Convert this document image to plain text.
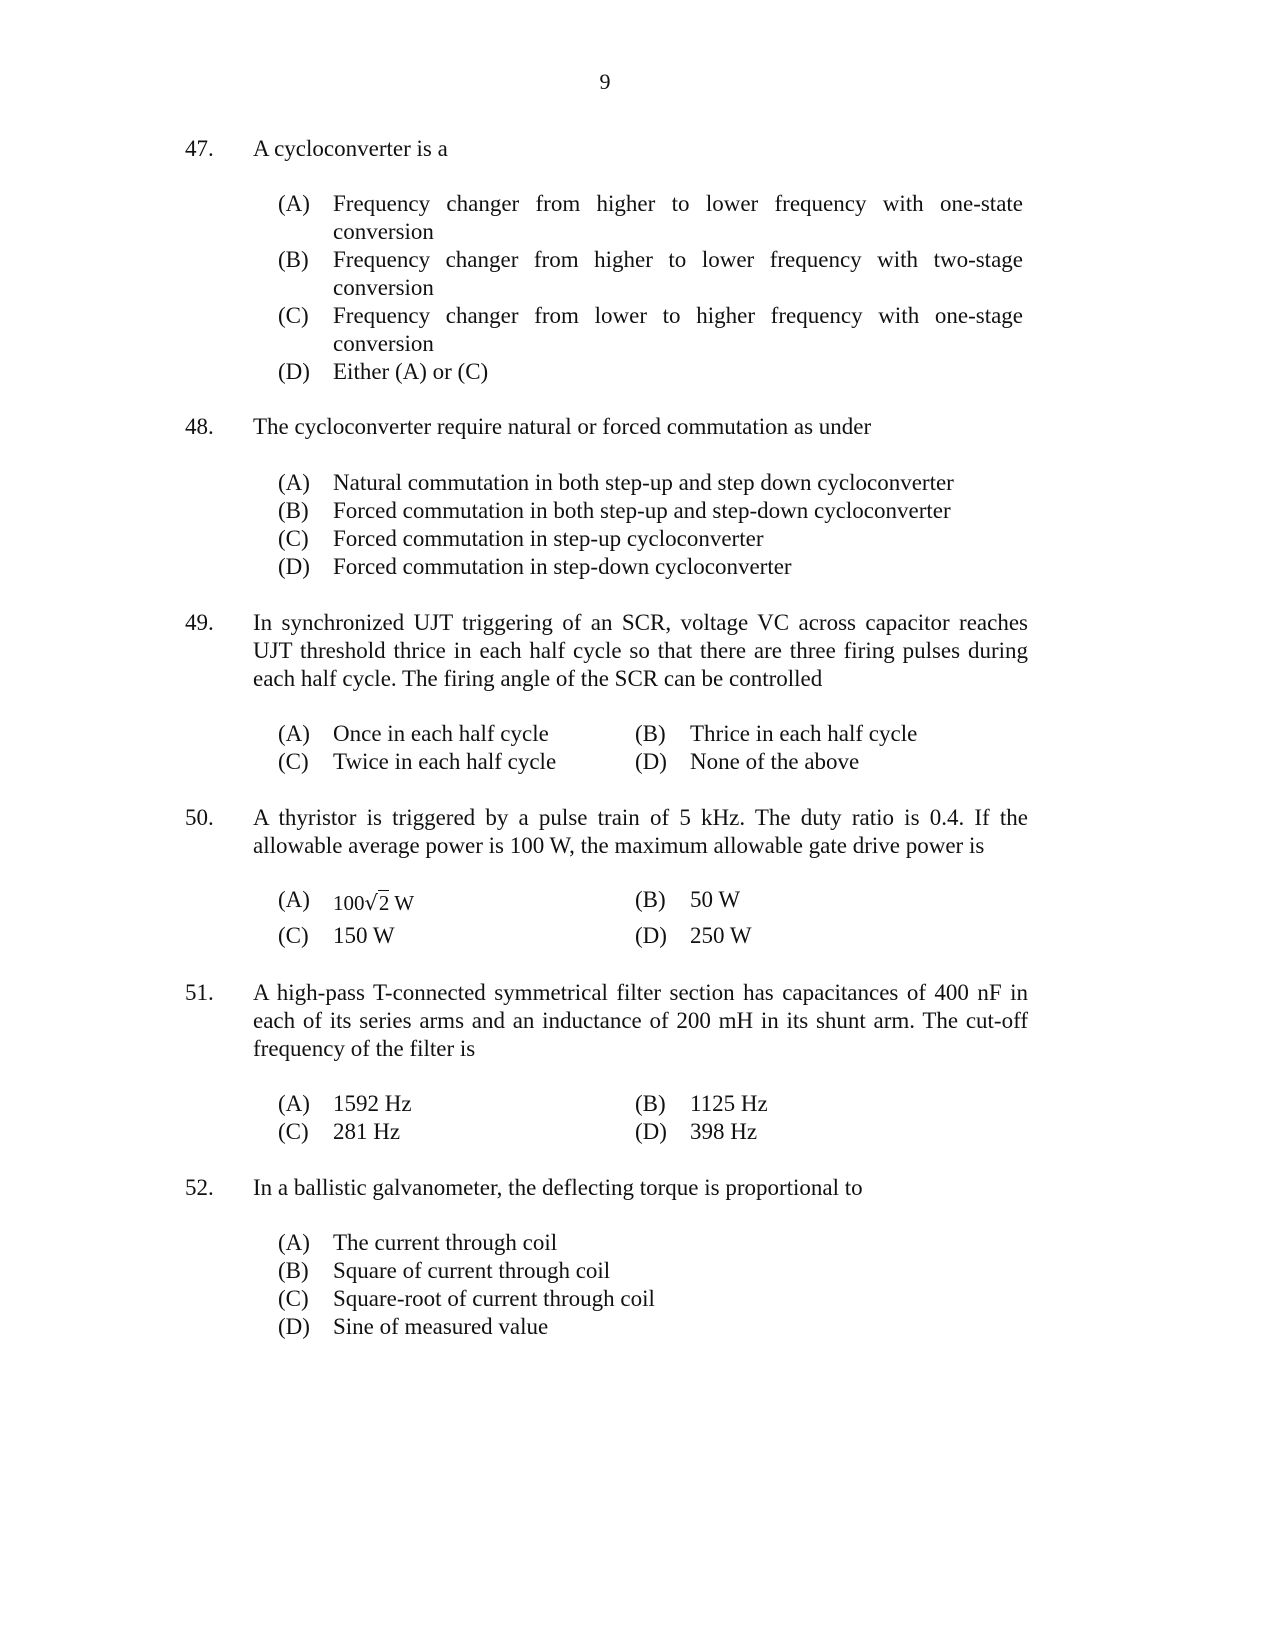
9
47.	A cycloconverter is a
(A)	Frequency changer from higher to lower frequency with one-state conversion
(B)	Frequency changer from higher to lower frequency with two-stage conversion
(C)	Frequency changer from lower to higher frequency with one-stage conversion
(D)	Either (A) or (C)
48.	The cycloconverter require natural or forced commutation as under
(A)	Natural commutation in both step-up and step down cycloconverter
(B)	Forced commutation in both step-up and step-down cycloconverter
(C)	Forced commutation in step-up cycloconverter
(D)	Forced commutation in step-down cycloconverter
49.	In synchronized UJT triggering of an SCR, voltage VC across capacitor reaches UJT threshold thrice in each half cycle so that there are three firing pulses during each half cycle. The firing angle of the SCR can be controlled
(A)	Once in each half cycle	(B)	Thrice in each half cycle
(C)	Twice in each half cycle	(D)	None of the above
50.	A thyristor is triggered by a pulse train of 5 kHz. The duty ratio is 0.4. If the allowable average power is 100 W, the maximum allowable gate drive power is
(A)	100√2 W	(B)	50 W
(C)	150 W	(D)	250 W
51.	A high-pass T-connected symmetrical filter section has capacitances of 400 nF in each of its series arms and an inductance of 200 mH in its shunt arm. The cut-off frequency of the filter is
(A)	1592 Hz	(B)	1125 Hz
(C)	281 Hz	(D)	398 Hz
52.	In a ballistic galvanometer, the deflecting torque is proportional to
(A)	The current through coil
(B)	Square of current through coil
(C)	Square-root of current through coil
(D)	Sine of measured value
